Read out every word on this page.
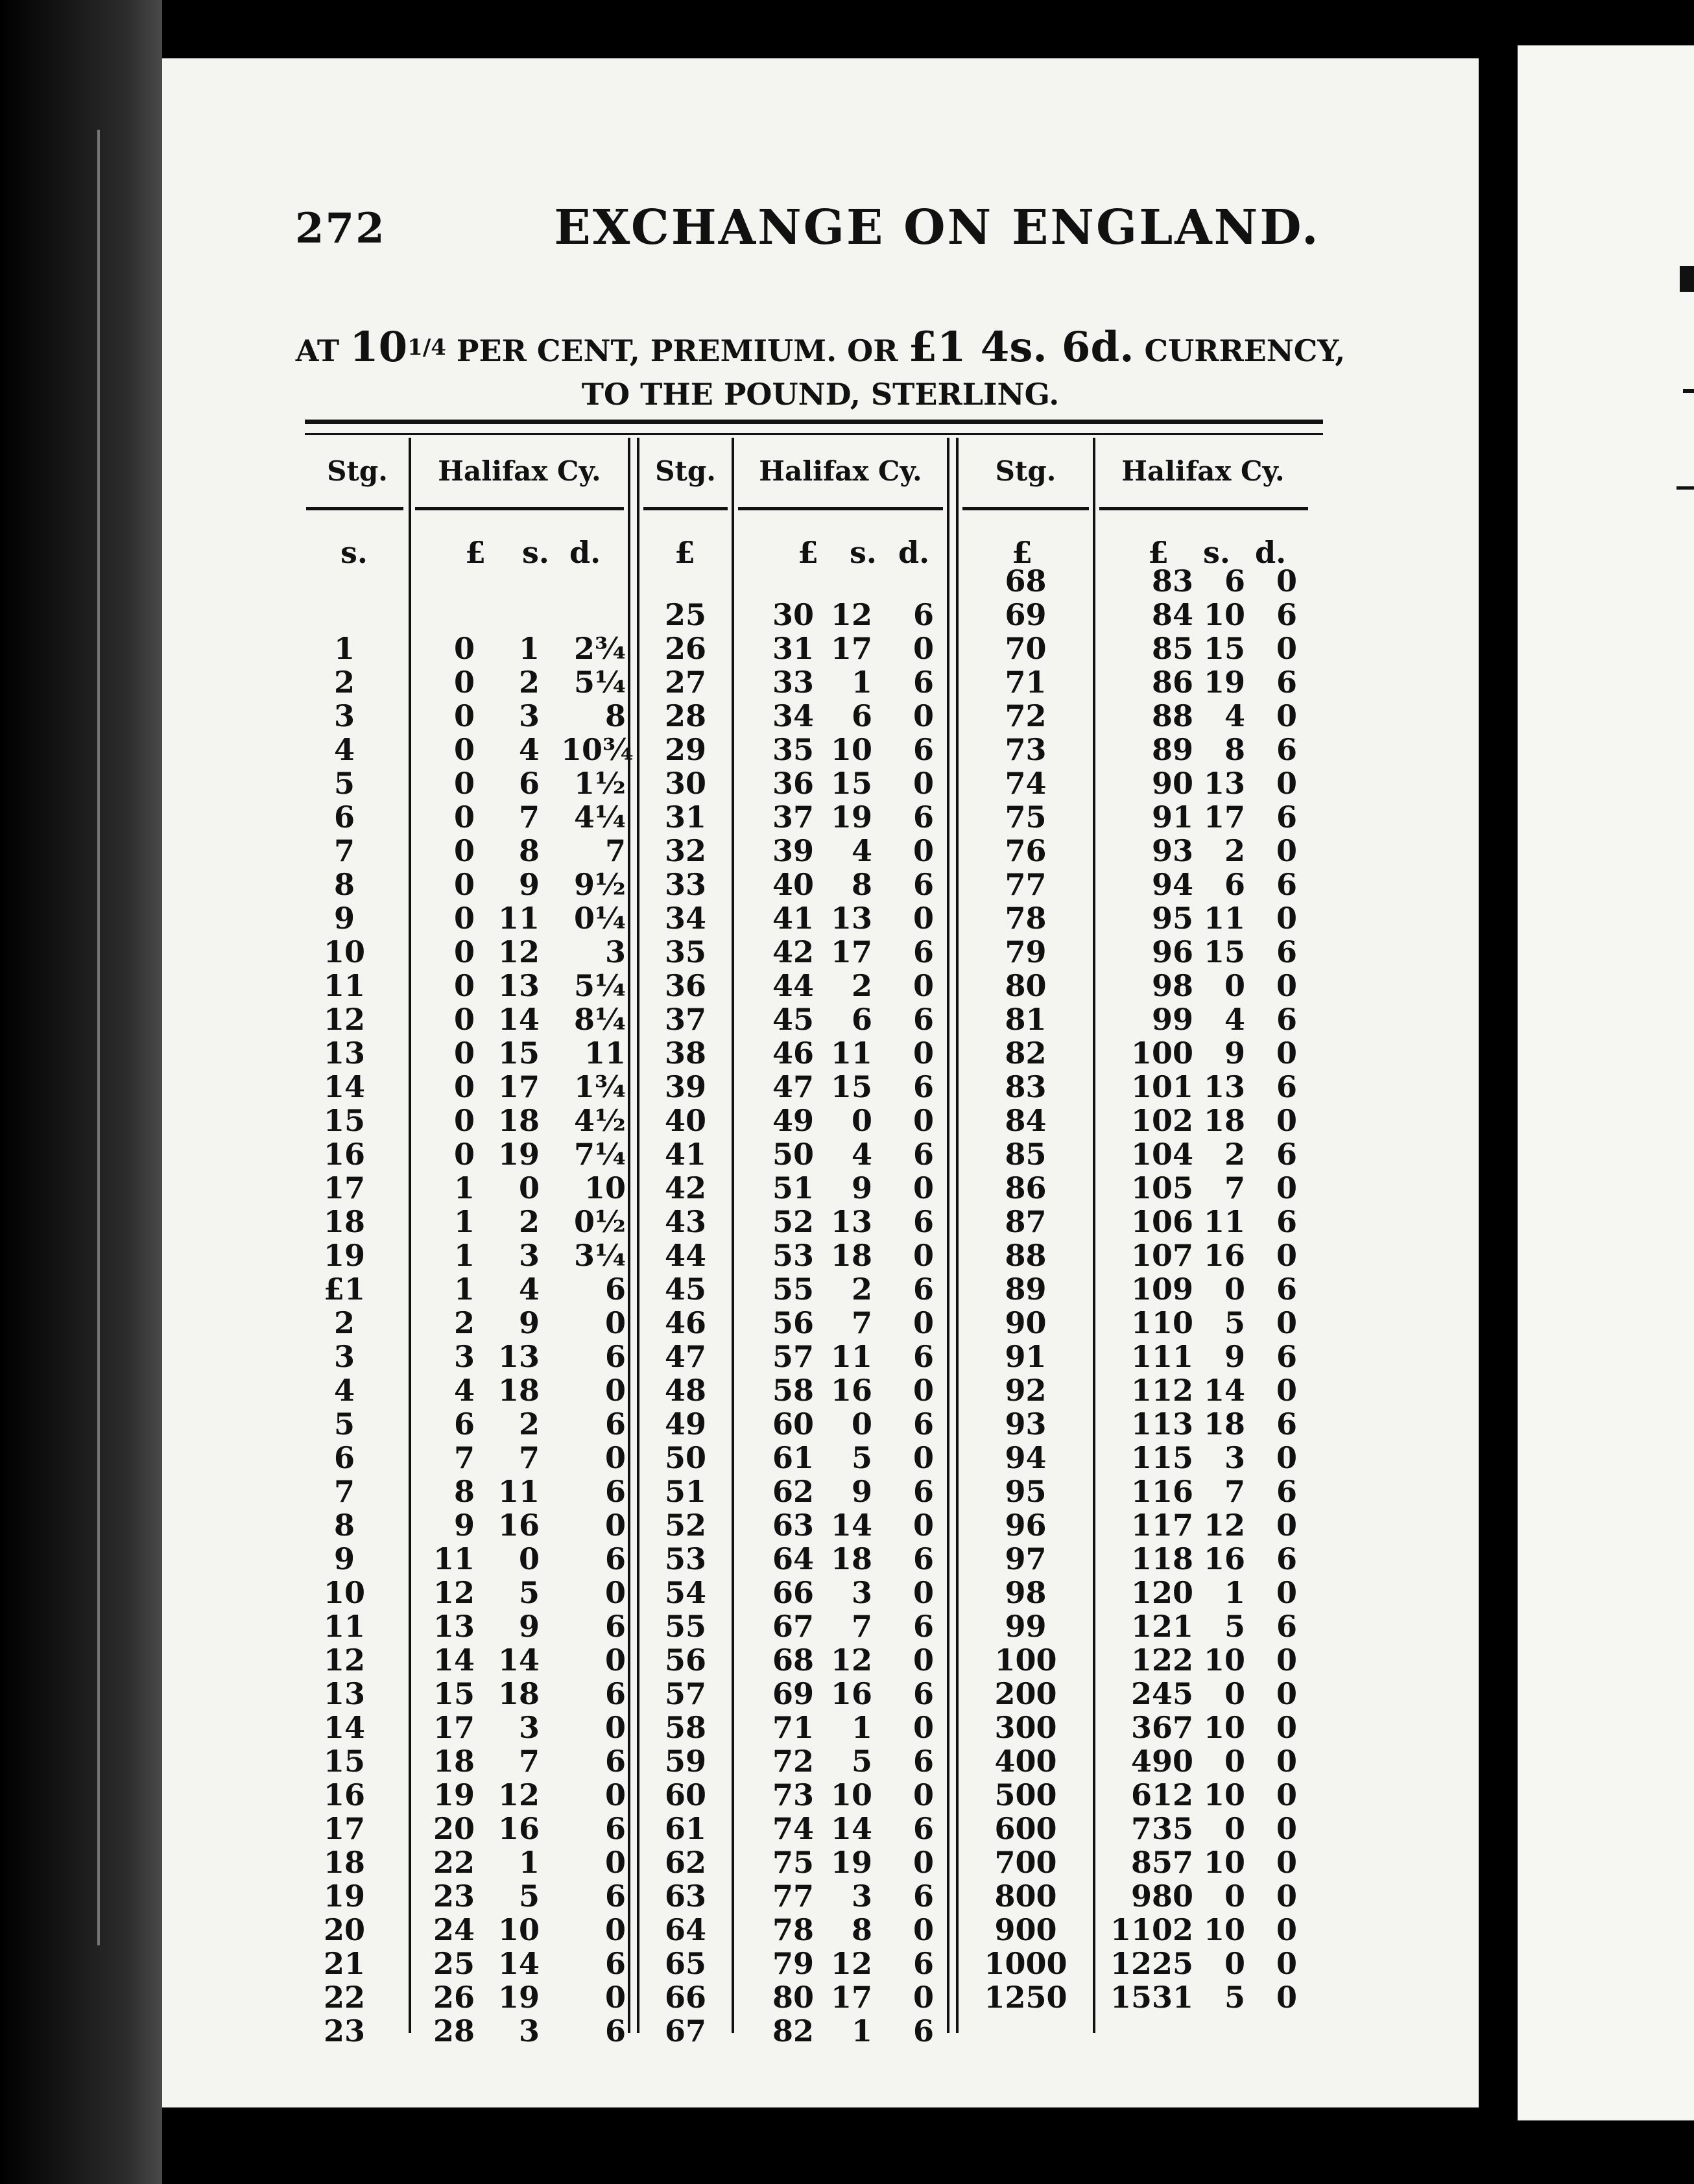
272	EXCHANGE ON ENGLAND.
AT $10^{1/4}$ PER CENT, PREMIUM. OR £1 4s. 6d. CURRENCY,
TO THE POUND, STERLING.
Stg.	Halifax Cy.	Stg.	Halifax Cy.	Stg.	Halifax Cy.
s.	£ s. d. £	£ s. d.	£	£ s. d.
68	83	6	0
25	30 12	6	69	84 10	6
1	0	1	2¾	26	31 17	0	70	85 15	0
2	0	2	5¼	27	33	1	6	71	86 19	6
3	0	3	8	28	34	6	0	72	88	4	0
4	0	4 10¾	29	35 10	6	73	89	8	6
5	0	6	1½	30	36 15	0	74	90 13	0
6	0	7	4¼	31	37 19	6	75	91 17	6
7	0	8	7	32	39	4	0	76	93	2	0
8	0	9	9½	33	40	8	6	77	94	6	6
9	0 11	0¼	34	41 13	0	78	95 11	0
10	0 12	3	35	42 17	6	79	96 15	6
11	0 13	5¼	36	44	2	0	80	98	0	0
12	0 14	8¼	37	45	6	6	81	99	4	6
13	0 15	11	38	46 11	0	82	100	9	0
14	0 17	1¾	39	47 15	6	83	101 13	6
15	0 18	4½	40	49	0	0	84	102 18	0
16	0 19	7¼	41	50	4	6	85	104	2	6
17	1	0	10	42	51	9	0	86	105	7	0
18	1	2	0½	43	52 13	6	87	106 11	6
19	1	3	3¼	44	53 18	0	88	107 16	0
£1	1	4	6	45	55	2	6	89	109	0	6
2	2	9	0	46	56	7	0	90	110	5	0
3	3 13	6	47	57 11	6	91	111	9	6
4	4 18	0	48	58 16	0	92	112 14	0
5	6	2	6	49	60	0	6	93	113 18	6
6	7	7	0	50	61	5	0	94	115	3	0
7	8 11	6	51	62	9	6	95	116	7	6
8	9 16	0	52	63 14	0	96	117 12	0
9	11	0	6	53	64 18	6	97	118 16	6
10	12	5	0	54	66	3	0	98	120	1	0
11	13	9	6	55	67	7	6	99	121	5	6
12	14 14	0	56	68 12	0	100	122 10	0
13	15 18	6	57	69 16	6	200	245	0	0
14	17	3	0	58	71	1	0	300	367 10	0
15	18	7	6	59	72	5	6	400	490	0	0
16	19 12	0	60	73 10	0	500	612 10	0
17	20 16	6	61	74 14	6	600	735	0	0
18	22	1	0	62	75 19	0	700	857 10	0
19	23	5	6	63	77	3	6	800	980	0	0
20	24 10	0	64	78	8	0	900	1102 10	0
21	25 14	6	65	79 12	6	1000	1225	0	0
22	26 19	0	66	80 17	0	1250	1531	5	0
23	28	3	6	67	82	1	6
